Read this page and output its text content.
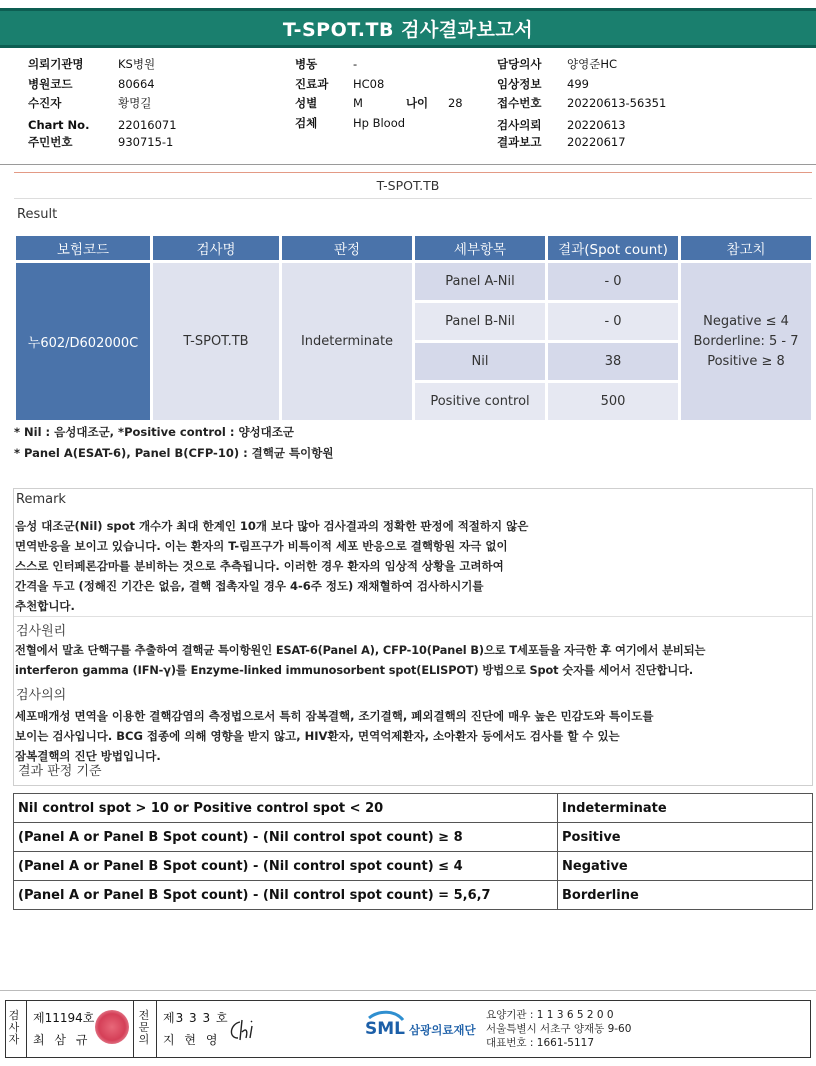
T-SPOT.TB 검사결과보고서
의뢰기관명	KS병원
병원코드	80664
수진자	황명길
Chart No.	22016071
주민번호	930715-1
병동	-
진료과	HC08
성별	M	나이	28
검체	Hp Blood
담당의사	양영준HC
임상정보	499
접수번호	20220613-56351
검사의뢰	20220613
결과보고	20220617
T-SPOT.TB
Result
보험코드	검사명	판정	세부항목	결과(Spot count)	참고치
누602/D602000C	T-SPOT.TB	Indeterminate	Panel A-Nil	- 0	Negative ≤ 4
Borderline: 5 - 7
Positive ≥ 8

			Panel B-Nil	- 0	
			Nil	38	
			Positive control	500	
* Nil : 음성대조군, *Positive control : 양성대조군
* Panel A(ESAT-6), Panel B(CFP-10) : 결핵균 특이항원
Remark
음성 대조군(Nil) spot 개수가 최대 한계인 10개 보다 많아 검사결과의 정확한 판정에 적절하지 않은
면역반응을 보이고 있습니다. 이는 환자의 T-림프구가 비특이적 세포 반응으로 결핵항원 자극 없이
스스로 인터페론감마를 분비하는 것으로 추측됩니다. 이러한 경우 환자의 임상적 상황을 고려하여
간격을 두고 (정해진 기간은 없음, 결핵 접촉자일 경우 4-6주 정도) 재채혈하여 검사하시기를
추천합니다.
검사원리
전혈에서 말초 단핵구를 추출하여 결핵균 특이항원인 ESAT-6(Panel A), CFP-10(Panel B)으로 T세포들을 자극한 후 여기에서 분비되는
interferon gamma (IFN-γ)를 Enzyme-linked immunosorbent spot(ELISPOT) 방법으로 Spot 숫자를 세어서 진단합니다.
검사의의
세포매개성 면역을 이용한 결핵감염의 측정법으로서 특히 잠복결핵, 조기결핵, 폐외결핵의 진단에 매우 높은 민감도와 특이도를
보이는 검사입니다. BCG 접종에 의해 영향을 받지 않고, HIV환자, 면역억제환자, 소아환자 등에서도 검사를 할 수 있는
잠복결핵의 진단 방법입니다.
결과 판정 기준
Nil control spot > 10 or Positive control spot < 20	Indeterminate
(Panel A or Panel B Spot count) - (Nil control spot count) ≥ 8	Positive
(Panel A or Panel B Spot count) - (Nil control spot count) ≤ 4	Negative
(Panel A or Panel B Spot count) - (Nil control spot count) = 5,6,7	Borderline
검
사
자
제11194호
최 삼 규
전
문
의
제3 3 3 호
지 현 영
SML 삼광의료재단
요양기관 : 1 1 3 6 5 2 0 0
서울특별시 서초구 양재동 9-60
대표번호 : 1661-5117
